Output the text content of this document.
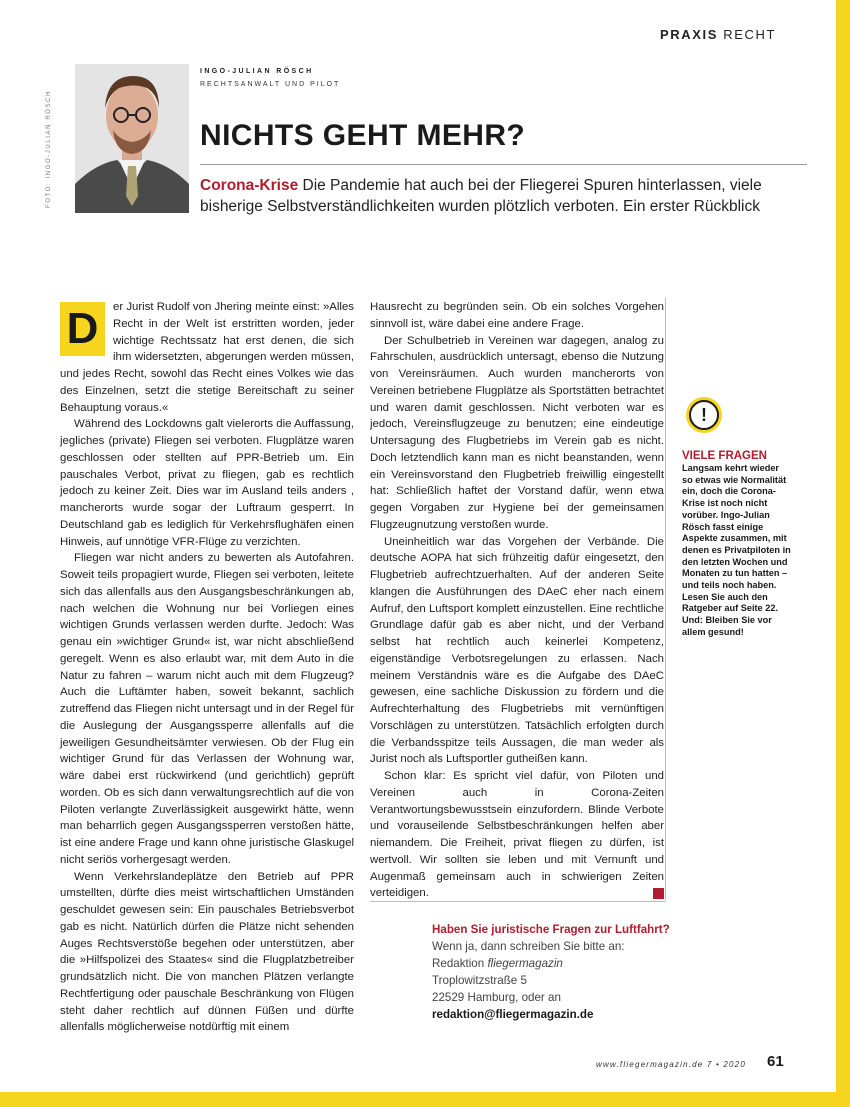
PRAXIS RECHT
FOTO: INGO-JULIAN RÖSCH
INGO-JULIAN RÖSCH
RECHTSANWALT UND PILOT
NICHTS GEHT MEHR?
Corona-Krise Die Pandemie hat auch bei der Fliegerei Spuren hinterlassen, viele bisherige Selbstverständlichkeiten wurden plötzlich verboten. Ein erster Rückblick

D	er Jurist Rudolf von Jhering meinte einst: »Alles Recht in der Welt ist erstritten worden, jeder wichtige Rechtssatz hat erst denen, die sich ihm widersetzten, abgerungen werden müssen, und jedes Recht, sowohl das Recht eines Volkes wie das des Einzelnen, setzt die stetige Bereitschaft zu seiner Behauptung voraus.«

Während des Lockdowns galt vielerorts die Auffassung, jegliches (private) Fliegen sei verboten. Flugplätze waren geschlossen oder stellten auf PPR-Betrieb um. Ein pauschales Verbot, privat zu fliegen, gab es rechtlich jedoch zu keiner Zeit. Dies war im Ausland teils anders , mancherorts wurde sogar der Luftraum gesperrt. In Deutschland gab es lediglich für Verkehrsflughäfen einen Hinweis, auf unnötige VFR-Flüge zu verzichten.

Fliegen war nicht anders zu bewerten als Autofahren. Soweit teils propagiert wurde, Fliegen sei verboten, leitete sich das allenfalls aus den Ausgangsbeschränkungen ab, nach welchen die Wohnung nur bei Vorliegen eines wichtigen Grunds verlassen werden durfte. Jedoch: Was genau ein »wichtiger Grund« ist, war nicht abschließend geregelt. Wenn es also erlaubt war, mit dem Auto in die Natur zu fahren – warum nicht auch mit dem Flugzeug? Auch die Luftämter haben, soweit bekannt, sachlich zutreffend das Fliegen nicht untersagt und in der Regel für die Auslegung der Ausgangssperre allenfalls auf die jeweiligen Gesundheitsämter verwiesen. Ob der Flug ein wichtiger Grund für das Verlassen der Wohnung war, wäre dabei erst rückwirkend (und gerichtlich) geprüft worden. Ob es sich dann verwaltungsrechtlich auf die von Piloten verlangte Zuverlässigkeit ausgewirkt hätte, wenn man beharrlich gegen Ausgangssperren verstoßen hätte, ist eine andere Frage und kann ohne juristische Glaskugel nicht seriös vorhergesagt werden.

Wenn Verkehrslandeplätze den Betrieb auf PPR umstellten, dürfte dies meist wirtschaftlichen Umständen geschuldet gewesen sein: Ein pauschales Betriebsverbot gab es nicht. Natürlich dürfen die Plätze nicht sehenden Auges Rechtsverstöße begehen oder unterstützen, aber die »Hilfspolizei des Staates« sind die Flugplatzbetreiber grundsätzlich nicht. Die von manchen Plätzen verlangte Rechtfertigung oder pauschale Beschränkung von Flügen steht daher rechtlich auf dünnen Füßen und dürfte allenfalls möglicherweise notdürftig mit einem

Hausrecht zu begründen sein. Ob ein solches Vorgehen sinnvoll ist, wäre dabei eine andere Frage.

Der Schulbetrieb in Vereinen war dagegen, analog zu Fahrschulen, ausdrücklich untersagt, ebenso die Nutzung von Vereinsräumen. Auch wurden mancherorts von Vereinen betriebene Flugplätze als Sportstätten betrachtet und waren damit geschlossen. Nicht verboten war es jedoch, Vereinsflugzeuge zu benutzen; eine eindeutige Untersagung des Flugbetriebs im Verein gab es nicht. Doch letztendlich kann man es nicht beanstanden, wenn ein Vereinsvorstand den Flugbetrieb freiwillig eingestellt hat: Schließlich haftet der Vorstand dafür, wenn etwa gegen Vorgaben zur Hygiene bei der gemeinsamen Flugzeugnutzung verstoßen wurde.

Uneinheitlich war das Vorgehen der Verbände. Die deutsche AOPA hat sich frühzeitig dafür eingesetzt, den Flugbetrieb aufrechtzuerhalten. Auf der anderen Seite klangen die Ausführungen des DAeC eher nach einem Aufruf, den Luftsport komplett einzustellen. Eine rechtliche Grundlage dafür gab es aber nicht, und der Verband selbst hat rechtlich auch keinerlei Kompetenz, eigenständige Verbotsregelungen zu erlassen. Nach meinem Verständnis wäre es die Aufgabe des DAeC gewesen, eine sachliche Diskussion zu fördern und die Aufrechterhaltung des Flugbetriebs mit vernünftigen Vorschlägen zu unterstützen. Tatsächlich erfolgten durch die Verbandsspitze teils Aussagen, die man weder als Jurist noch als Luftsportler gutheißen kann.

Schon klar: Es spricht viel dafür, von Piloten und Vereinen auch in Corona-Zeiten Verantwortungsbewusstsein einzufordern. Blinde Verbote und vorauseilende Selbstbeschränkungen helfen aber niemandem. Die Freiheit, privat fliegen zu dürfen, ist wertvoll. Wir sollten sie leben und mit Vernunft und Augenmaß gemeinsam auch in schwierigen Zeiten verteidigen.

Haben Sie juristische Fragen zur Luftfahrt?
Wenn ja, dann schreiben Sie bitte an:
Redaktion fliegermagazin
Troplowitzstraße 5
22529 Hamburg, oder an
redaktion@fliegermagazin.de
!
VIELE FRAGEN
Langsam kehrt wieder so etwas wie Normalität ein, doch die Corona-Krise ist noch nicht vorüber. Ingo-Julian Rösch fasst einige Aspekte zusammen, mit denen es Privatpiloten in den letzten Wochen und Monaten zu tun hatten – und teils noch haben. Lesen Sie auch den Ratgeber auf Seite 22. Und: Bleiben Sie vor allem gesund!
www.fliegermagazin.de 7 • 2020 61
